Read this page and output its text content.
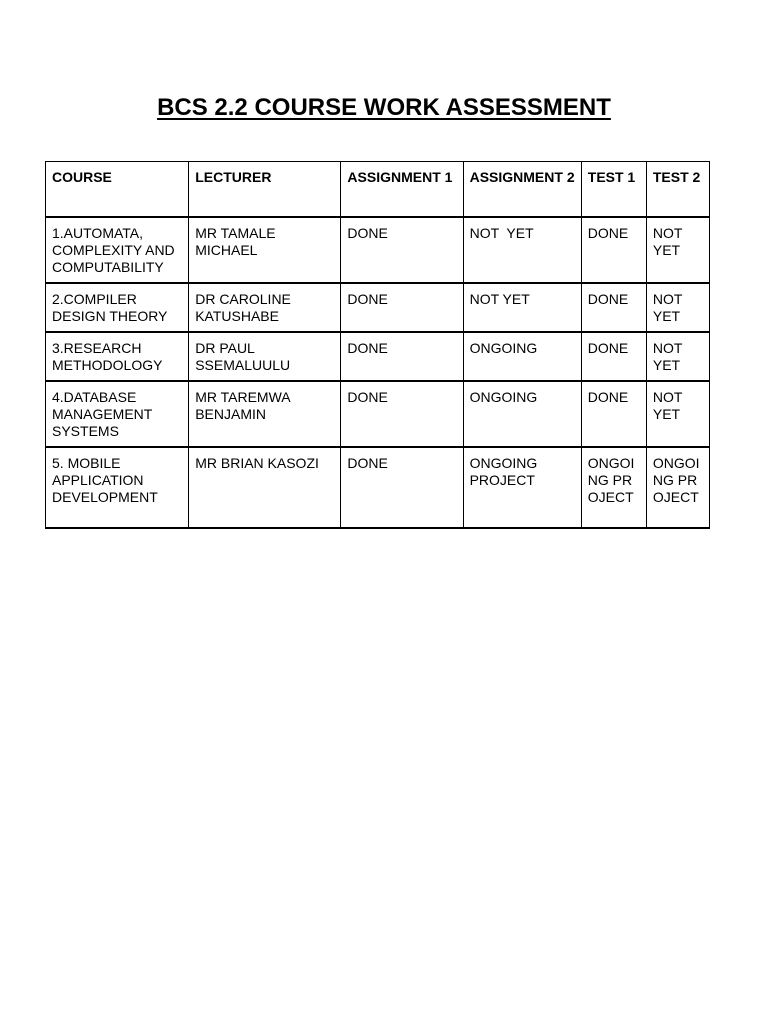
BCS 2.2 COURSE WORK ASSESSMENT
COURSE	LECTURER	ASSIGNMENT 1	ASSIGNMENT 2	TEST 1	TEST 2
1.AUTOMATA, COMPLEXITY AND COMPUTABILITY	MR TAMALE MICHAEL	DONE	NOT  YET	DONE	NOT YET
2.COMPILER DESIGN THEORY	DR CAROLINE KATUSHABE	DONE	NOT YET	DONE	NOT YET
3.RESEARCH METHODOLOGY	DR PAUL SSEMALUULU	DONE	ONGOING	DONE	NOT YET
4.DATABASE MANAGEMENT SYSTEMS	MR TAREMWA BENJAMIN	DONE	ONGOING	DONE	NOT YET
5. MOBILE APPLICATION DEVELOPMENT	MR BRIAN KASOZI	DONE	ONGOING PROJECT	ONGOING PROJECT	ONGOING PROJECT
